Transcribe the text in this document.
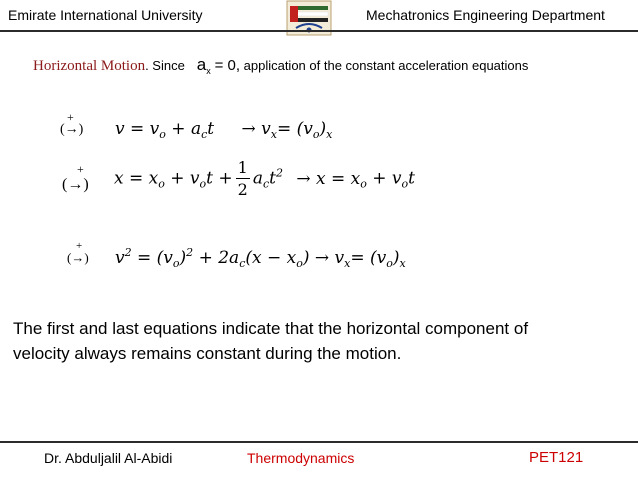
Emirate International University	Mechatronics Engineering Department
Horizontal Motion. Since $a_x = 0$, application of the constant acceleration equations
+
(→) $v = v_o + a_ct \to v_x= (v_o)_x$
+
(→) $x = x_o + v_ot + \frac{1}{2} a_ct^2 \to x = x_o + v_ot$
+
(→) $v^2 = (v_o)^2 + 2a_c(x - x_o) \to v_x= (v_o)_x$
The first and last equations indicate that the horizontal component of
velocity always remains constant during the motion.
Dr. Abduljalil Al-Abidi	Thermodynamics	PET121
